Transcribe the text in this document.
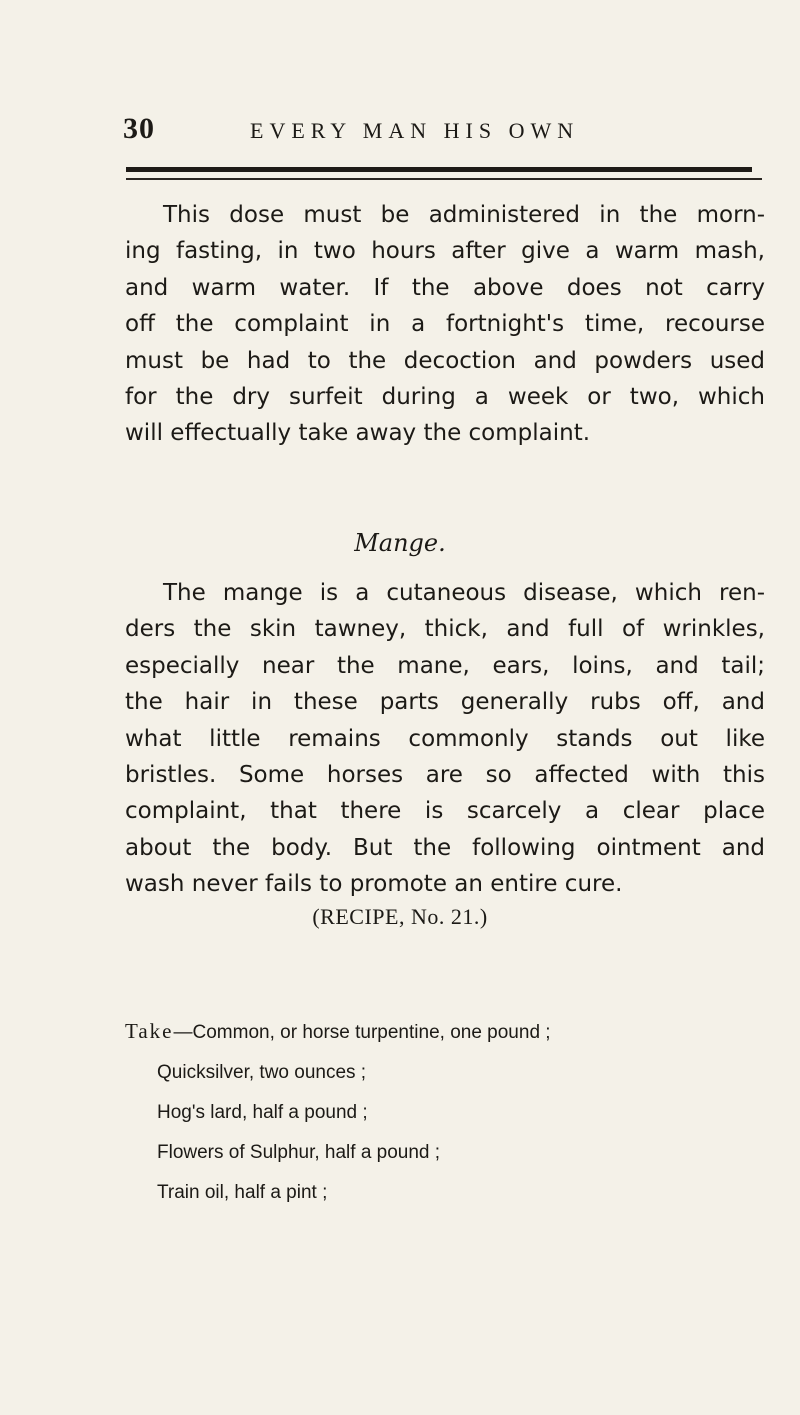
30	EVERY MAN HIS OWN
This dose must be administered in the morn-
ing fasting, in two hours after give a warm mash,
and warm water. If the above does not carry
off the complaint in a fortnight's time, recourse
must be had to the decoction and powders used
for the dry surfeit during a week or two, which
will effectually take away the complaint.
Mange.
The mange is a cutaneous disease, which ren-
ders the skin tawney, thick, and full of wrinkles,
especially near the mane, ears, loins, and tail;
the hair in these parts generally rubs off, and
what little remains commonly stands out like
bristles. Some horses are so affected with this
complaint, that there is scarcely a clear place
about the body. But the following ointment and
wash never fails to promote an entire cure.
(RECIPE, No. 21.)
Take—Common, or horse turpentine, one pound ;
Quicksilver, two ounces ;
Hog's lard, half a pound ;
Flowers of Sulphur, half a pound ;
Train oil, half a pint ;
